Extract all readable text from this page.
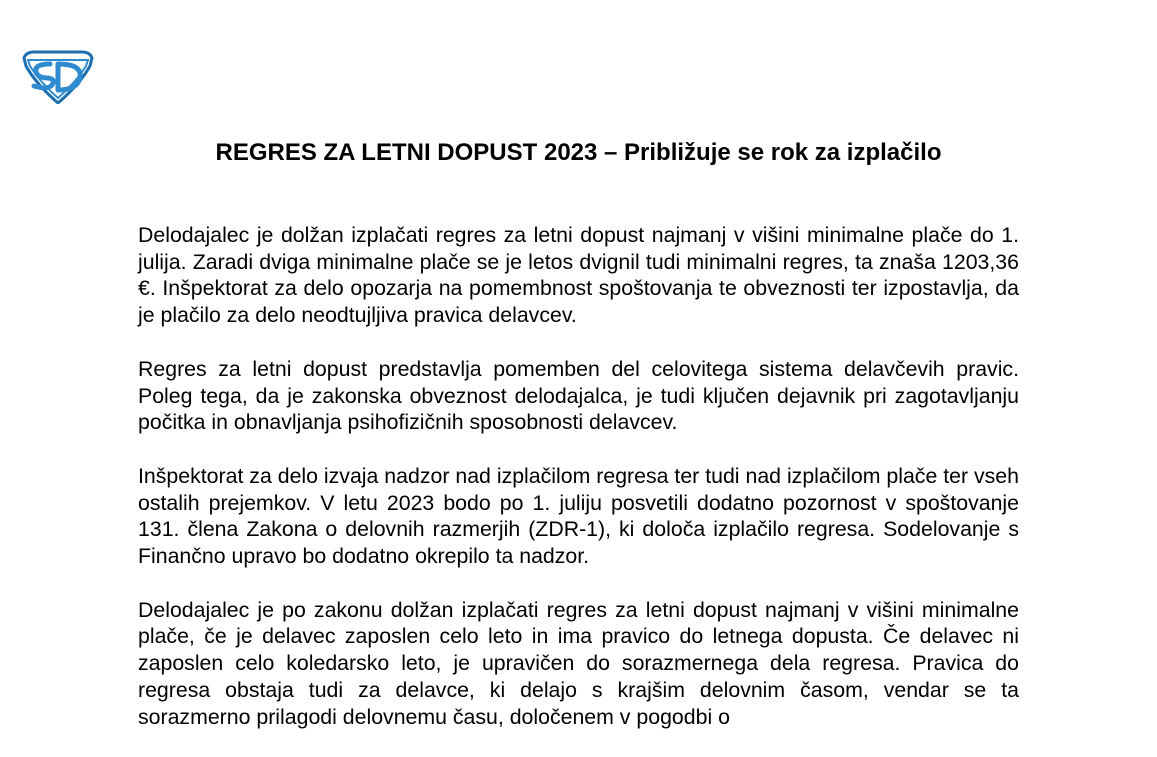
REGRES ZA LETNI DOPUST 2023 – Približuje se rok za izplačilo

Delodajalec je dolžan izplačati regres za letni dopust najmanj v višini minimalne plače do 1. julija. Zaradi dviga minimalne plače se je letos dvignil tudi minimalni regres, ta znaša 1203,36 €. Inšpektorat za delo opozarja na pomembnost spoštovanja te obveznosti ter izpostavlja, da je plačilo za delo neodtujljiva pravica delavcev.

Regres za letni dopust predstavlja pomemben del celovitega sistema delavčevih pravic. Poleg tega, da je zakonska obveznost delodajalca, je tudi ključen dejavnik pri zagotavljanju počitka in obnavljanja psihofizičnih sposobnosti delavcev.

Inšpektorat za delo izvaja nadzor nad izplačilom regresa ter tudi nad izplačilom plače ter vseh ostalih prejemkov. V letu 2023 bodo po 1. juliju posvetili dodatno pozornost v spoštovanje 131. člena Zakona o delovnih razmerjih (ZDR-1), ki določa izplačilo regresa. Sodelovanje s Finančno upravo bo dodatno okrepilo ta nadzor.

Delodajalec je po zakonu dolžan izplačati regres za letni dopust najmanj v višini minimalne plače, če je delavec zaposlen celo leto in ima pravico do letnega dopusta. Če delavec ni zaposlen celo koledarsko leto, je upravičen do sorazmernega dela regresa. Pravica do regresa obstaja tudi za delavce, ki delajo s krajšim delovnim časom, vendar se ta sorazmerno prilagodi delovnemu času, določenem v pogodbi o
